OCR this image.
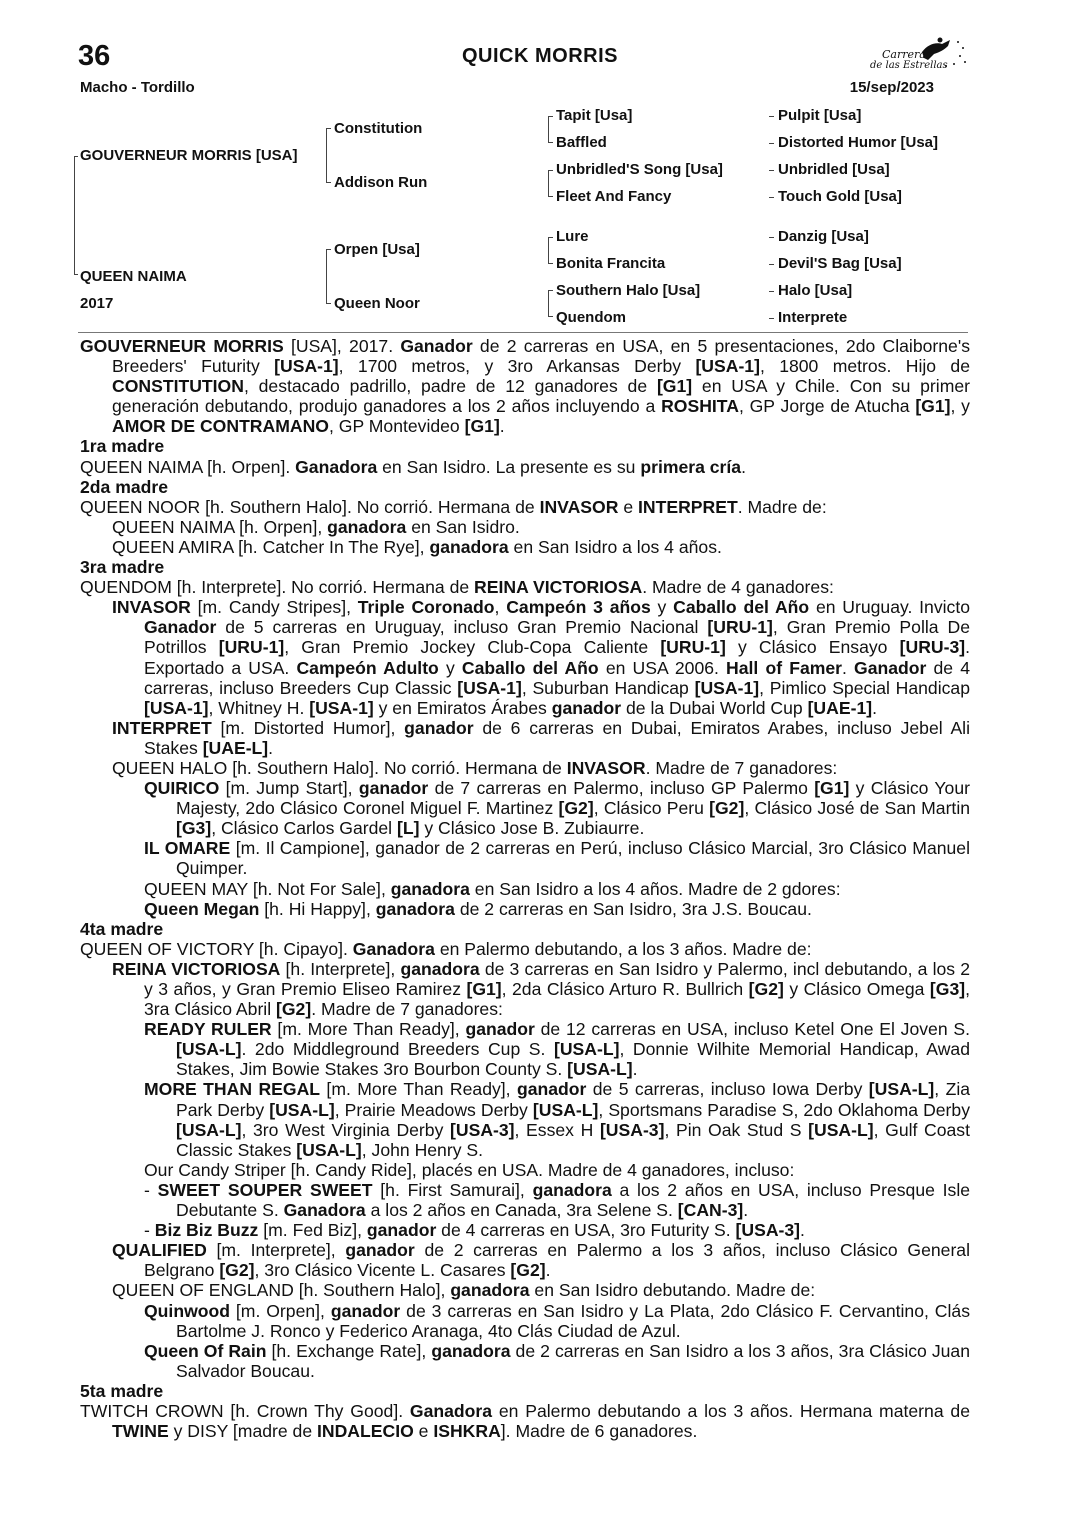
36	QUICK MORRIS
Macho - Tordillo	15/sep/2023
Carreras
de las Estrellas
GOUVERNEUR MORRIS [USA]
QUEEN NAIMA
2017
Constitution
Addison Run
Orpen [Usa]
Queen Noor
Tapit [Usa]
Baffled
Unbridled'S Song [Usa]
Fleet And Fancy
Lure
Bonita Francita
Southern Halo [Usa]
Quendom
Pulpit [Usa]
Distorted Humor [Usa]
Unbridled [Usa]
Touch Gold [Usa]
Danzig [Usa]
Devil'S Bag [Usa]
Halo [Usa]
Interprete
GOUVERNEUR MORRIS [USA], 2017. Ganador de 2 carreras en USA, en 5 presentaciones, 2do Claiborne's Breeders' Futurity [USA-1], 1700 metros, y 3ro Arkansas Derby [USA-1], 1800 metros. Hijo de CONSTITUTION, destacado padrillo, padre de 12 ganadores de [G1] en USA y Chile. Con su primer generación debutando, produjo ganadores a los 2 años incluyendo a ROSHITA, GP Jorge de Atucha [G1], y AMOR DE CONTRAMANO, GP Montevideo [G1].
1ra madre
QUEEN NAIMA [h. Orpen]. Ganadora en San Isidro. La presente es su primera cría.
2da madre
QUEEN NOOR [h. Southern Halo]. No corrió. Hermana de INVASOR e INTERPRET. Madre de:
QUEEN NAIMA [h. Orpen], ganadora en San Isidro.
QUEEN AMIRA [h. Catcher In The Rye], ganadora en San Isidro a los 4 años.
3ra madre
QUENDOM [h. Interprete]. No corrió. Hermana de REINA VICTORIOSA. Madre de 4 ganadores:
INVASOR [m. Candy Stripes], Triple Coronado, Campeón 3 años y Caballo del Año en Uruguay. Invicto Ganador de 5 carreras en Uruguay, incluso Gran Premio Nacional [URU-1], Gran Premio Polla De Potrillos [URU-1], Gran Premio Jockey Club-Copa Caliente [URU-1] y Clásico Ensayo [URU-3]. Exportado a USA. Campeón Adulto y Caballo del Año en USA 2006. Hall of Famer. Ganador de 4 carreras, incluso Breeders Cup Classic [USA-1], Suburban Handicap [USA-1], Pimlico Special Handicap [USA-1], Whitney H. [USA-1] y en Emiratos Árabes ganador de la Dubai World Cup [UAE-1].
INTERPRET [m. Distorted Humor], ganador de 6 carreras en Dubai, Emiratos Arabes, incluso Jebel Ali Stakes [UAE-L].
QUEEN HALO [h. Southern Halo]. No corrió. Hermana de INVASOR. Madre de 7 ganadores:
QUIRICO [m. Jump Start], ganador de 7 carreras en Palermo, incluso GP Palermo [G1] y Clásico Your Majesty, 2do Clásico Coronel Miguel F. Martinez [G2], Clásico Peru [G2], Clásico José de San Martin [G3], Clásico Carlos Gardel [L] y Clásico Jose B. Zubiaurre.
IL OMARE [m. Il Campione], ganador de 2 carreras en Perú, incluso Clásico Marcial, 3ro Clásico Manuel Quimper.
QUEEN MAY [h. Not For Sale], ganadora en San Isidro a los 4 años. Madre de 2 gdores:
Queen Megan [h. Hi Happy], ganadora de 2 carreras en San Isidro, 3ra J.S. Boucau.
4ta madre
QUEEN OF VICTORY [h. Cipayo]. Ganadora en Palermo debutando, a los 3 años. Madre de:
REINA VICTORIOSA [h. Interprete], ganadora de 3 carreras en San Isidro y Palermo, incl debutando, a los 2 y 3 años, y Gran Premio Eliseo Ramirez [G1], 2da Clásico Arturo R. Bullrich [G2] y Clásico Omega [G3], 3ra Clásico Abril [G2]. Madre de 7 ganadores:
READY RULER [m. More Than Ready], ganador de 12 carreras en USA, incluso Ketel One El Joven S. [USA-L]. 2do Middleground Breeders Cup S. [USA-L], Donnie Wilhite Memorial Handicap, Awad Stakes, Jim Bowie Stakes 3ro Bourbon County S. [USA-L].
MORE THAN REGAL [m. More Than Ready], ganador de 5 carreras, incluso Iowa Derby [USA-L], Zia Park Derby [USA-L], Prairie Meadows Derby [USA-L], Sportsmans Paradise S, 2do Oklahoma Derby [USA-L], 3ro West Virginia Derby [USA-3], Essex H [USA-3], Pin Oak Stud S [USA-L], Gulf Coast Classic Stakes [USA-L], John Henry S.
Our Candy Striper [h. Candy Ride], placés en USA. Madre de 4 ganadores, incluso:
- SWEET SOUPER SWEET [h. First Samurai], ganadora a los 2 años en USA, incluso Presque Isle Debutante S. Ganadora a los 2 años en Canada, 3ra Selene S. [CAN-3].
- Biz Biz Buzz [m. Fed Biz], ganador de 4 carreras en USA, 3ro Futurity S. [USA-3].
QUALIFIED [m. Interprete], ganador de 2 carreras en Palermo a los 3 años, incluso Clásico General Belgrano [G2], 3ro Clásico Vicente L. Casares [G2].
QUEEN OF ENGLAND [h. Southern Halo], ganadora en San Isidro debutando. Madre de:
Quinwood [m. Orpen], ganador de 3 carreras en San Isidro y La Plata, 2do Clásico F. Cervantino, Clás Bartolme J. Ronco y Federico Aranaga, 4to Clás Ciudad de Azul.
Queen Of Rain [h. Exchange Rate], ganadora de 2 carreras en San Isidro a los 3 años, 3ra Clásico Juan Salvador Boucau.
5ta madre
TWITCH CROWN [h. Crown Thy Good]. Ganadora en Palermo debutando a los 3 años. Hermana materna de TWINE y DISY [madre de INDALECIO e ISHKRA]. Madre de 6 ganadores.
